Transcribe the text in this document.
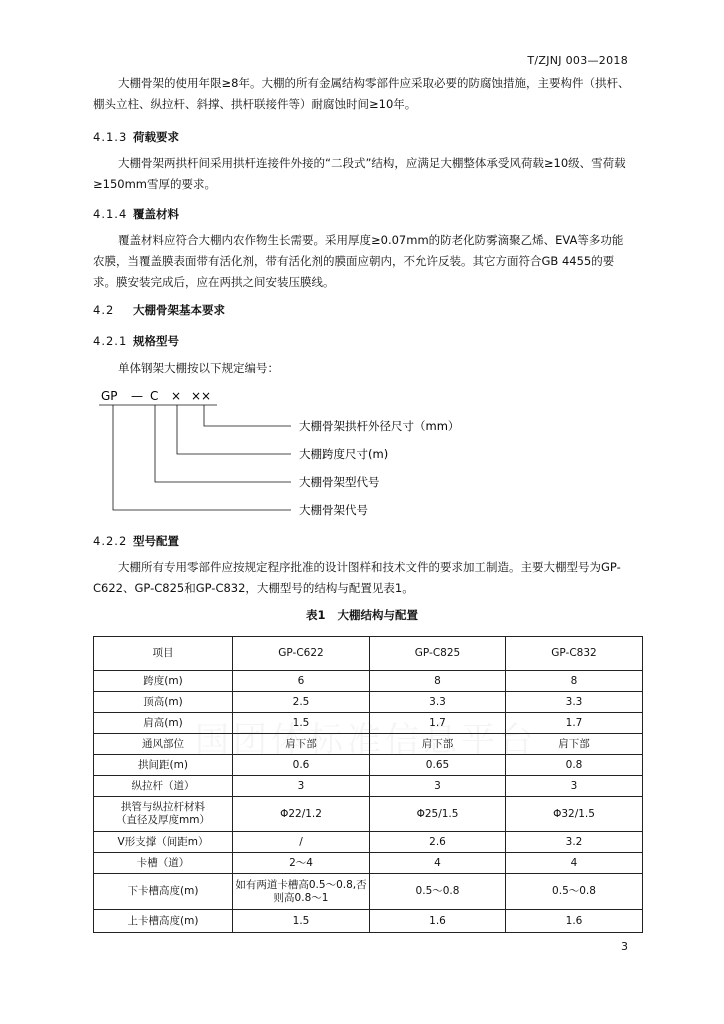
T/ZJNJ 003—2018

大棚骨架的使用年限≥8年。大棚的所有金属结构零部件应采取必要的防腐蚀措施，主要构件（拱杆、棚头立柱、纵拉杆、斜撑、拱杆联接件等）耐腐蚀时间≥10年。

4.1.3 荷载要求

大棚骨架两拱杆间采用拱杆连接件外接的“二段式”结构，应满足大棚整体承受风荷载≥10级、雪荷载≥150mm雪厚的要求。

4.1.4 覆盖材料

覆盖材料应符合大棚内农作物生长需要。采用厚度≥0.07mm的防老化防雾滴聚乙烯、EVA等多功能农膜，当覆盖膜表面带有活化剂，带有活化剂的膜面应朝内，不允许反装。其它方面符合GB 4455的要求。膜安装完成后，应在两拱之间安装压膜线。

4.2 大棚骨架基本要求
4.2.1 规格型号

单体钢架大棚按以下规定编号：

GP — C × ××
大棚骨架拱杆外径尺寸（mm）
大棚跨度尺寸(m)
大棚骨架型代号
大棚骨架代号
4.2.2 型号配置

大棚所有专用零部件应按规定程序批准的设计图样和技术文件的要求加工制造。主要大棚型号为GP-C622、GP-C825和GP-C832，大棚型号的结构与配置见表1。

表1   大棚结构与配置
项目	GP-C622	GP-C825	GP-C832
跨度(m)	6	8	8
顶高(m)	2.5	3.3	3.3
肩高(m)	1.5	1.7	1.7
通风部位	肩下部	肩下部	肩下部
拱间距(m)	0.6	0.65	0.8
纵拉杆（道）	3	3	3
拱管与纵拉杆材料
（直径及厚度mm）	Φ22/1.2	Φ25/1.5	Φ32/1.5
V形支撑（间距m）	/	2.6	3.2
卡槽（道）	2～4	4	4
下卡槽高度(m)	如有两道卡槽高0.5～0.8,否则高0.8～1	0.5～0.8	0.5～0.8
上卡槽高度(m)	1.5	1.6	1.6
3
